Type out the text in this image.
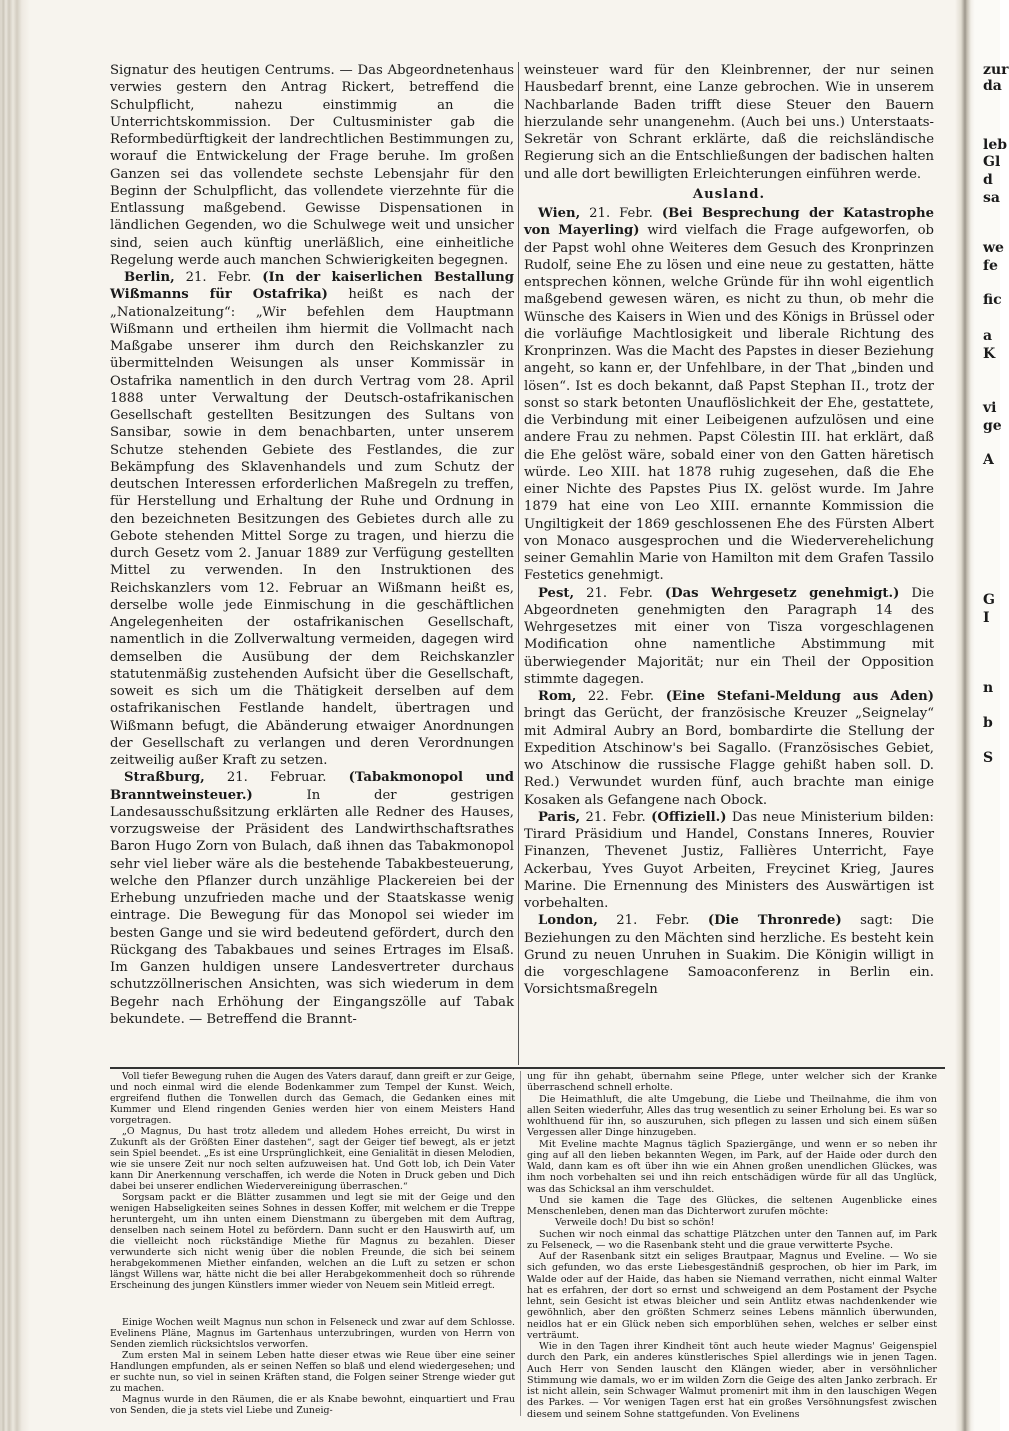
Signatur des heutigen Centrums. — Das Abgeordnetenhaus verwies gestern den Antrag Rickert, betreffend die Schulpflicht, nahezu einstimmig an die Unterrichtskommission. Der Cultusminister gab die Reformbedürftigkeit der landrechtlichen Bestimmungen zu, worauf die Entwickelung der Frage beruhe. Im großen Ganzen sei das vollendete sechste Lebensjahr für den Beginn der Schulpflicht, das vollendete vierzehnte für die Entlassung maßgebend. Gewisse Dispensationen in ländlichen Gegenden, wo die Schulwege weit und unsicher sind, seien auch künftig unerläßlich, eine einheitliche Regelung werde auch manchen Schwierigkeiten begegnen.

Berlin, 21. Febr. (In der kaiserlichen Bestallung Wißmanns für Ostafrika) heißt es nach der „Nationalzeitung“: „Wir befehlen dem Hauptmann Wißmann und ertheilen ihm hiermit die Vollmacht nach Maßgabe unserer ihm durch den Reichskanzler zu übermittelnden Weisungen als unser Kommissär in Ostafrika namentlich in den durch Vertrag vom 28. April 1888 unter Verwaltung der Deutsch-ostafrikanischen Gesellschaft gestellten Besitzungen des Sultans von Sansibar, sowie in dem benachbarten, unter unserem Schutze stehenden Gebiete des Festlandes, die zur Bekämpfung des Sklavenhandels und zum Schutz der deutschen Interessen erforderlichen Maßregeln zu treffen, für Herstellung und Erhaltung der Ruhe und Ordnung in den bezeichneten Besitzungen des Gebietes durch alle zu Gebote stehenden Mittel Sorge zu tragen, und hierzu die durch Gesetz vom 2. Januar 1889 zur Verfügung gestellten Mittel zu verwenden. In den Instruktionen des Reichskanzlers vom 12. Februar an Wißmann heißt es, derselbe wolle jede Einmischung in die geschäftlichen Angelegenheiten der ostafrikanischen Gesellschaft, namentlich in die Zollverwaltung vermeiden, dagegen wird demselben die Ausübung der dem Reichskanzler statutenmäßig zustehenden Aufsicht über die Gesellschaft, soweit es sich um die Thätigkeit derselben auf dem ostafrikanischen Festlande handelt, übertragen und Wißmann befugt, die Abänderung etwaiger Anordnungen der Gesellschaft zu verlangen und deren Verordnungen zeitweilig außer Kraft zu setzen.

Straßburg, 21. Februar. (Tabakmonopol und Branntweinsteuer.)	In der gestrigen Landesausschußsitzung erklärten alle Redner des Hauses, vorzugsweise der Präsident des Landwirthschaftsrathes Baron Hugo Zorn von Bulach, daß ihnen das Tabakmonopol sehr viel lieber wäre als die bestehende Tabakbesteuerung, welche den Pflanzer durch unzählige Plackereien bei der Erhebung unzufrieden mache und der Staatskasse wenig eintrage. Die Bewegung für das Monopol sei wieder im besten Gange und sie wird bedeutend gefördert, durch den Rückgang des Tabakbaues und seines Ertrages im Elsaß. Im Ganzen huldigen unsere Landesvertreter durchaus schutzzöllnerischen Ansichten, was sich wiederum in dem Begehr nach Erhöhung der Eingangszölle auf Tabak bekundete. — Betreffend die Brannt-

weinsteuer ward für den Kleinbrenner, der nur seinen Hausbedarf brennt, eine Lanze gebrochen. Wie in unserem Nachbarlande Baden trifft diese Steuer den Bauern hierzulande sehr unangenehm. (Auch bei uns.) Unterstaats-Sekretär von Schrant erklärte, daß die reichsländische Regierung sich an die Entschließungen der badischen halten und alle dort bewilligten Erleichterungen einführen werde.

Ausland.

Wien, 21. Febr. (Bei Besprechung der Katastrophe von Mayerling) wird vielfach die Frage aufgeworfen, ob der Papst wohl ohne Weiteres dem Gesuch des Kronprinzen Rudolf, seine Ehe zu lösen und eine neue zu gestatten, hätte entsprechen können, welche Gründe für ihn wohl eigentlich maßgebend gewesen wären, es nicht zu thun, ob mehr die Wünsche des Kaisers in Wien und des Königs in Brüssel oder die vorläufige Machtlosigkeit und liberale Richtung des Kronprinzen. Was die Macht des Papstes in dieser Beziehung angeht, so kann er, der Unfehlbare, in der That „binden und lösen“. Ist es doch bekannt, daß Papst Stephan II., trotz der sonst so stark betonten Unauflöslichkeit der Ehe, gestattete, die Verbindung mit einer Leibeigenen aufzulösen und eine andere Frau zu nehmen. Papst Cölestin III. hat erklärt, daß die Ehe gelöst wäre, sobald einer von den Gatten häretisch würde. Leo XIII. hat 1878 ruhig zugesehen, daß die Ehe einer Nichte des Papstes Pius IX. gelöst wurde. Im Jahre 1879 hat eine von Leo XIII. ernannte Kommission die Ungiltigkeit der 1869 geschlossenen Ehe des Fürsten Albert von Monaco ausgesprochen und die Wiederverehelichung seiner Gemahlin Marie von Hamilton mit dem Grafen Tassilo Festetics genehmigt.

Pest, 21. Febr. (Das Wehrgesetz genehmigt.) Die Abgeordneten genehmigten den Paragraph 14 des Wehrgesetzes mit einer von Tisza vorgeschlagenen Modification ohne namentliche Abstimmung mit überwiegender Majorität; nur ein Theil der Opposition stimmte dagegen.

Rom, 22. Febr. (Eine Stefani-Meldung aus Aden) bringt das Gerücht, der französische Kreuzer „Seignelay“ mit Admiral Aubry an Bord, bombardirte die Stellung der Expedition Atschinow's bei Sagallo. (Französisches Gebiet, wo Atschinow die russische Flagge gehißt haben soll. D. Red.) Verwundet wurden fünf, auch brachte man einige Kosaken als Gefangene nach Obock.

Paris, 21. Febr. (Offiziell.) Das neue Ministerium bilden: Tirard Präsidium und Handel, Constans Inneres, Rouvier Finanzen, Thevenet Justiz, Fallières Unterricht, Faye Ackerbau, Yves Guyot Arbeiten, Freycinet Krieg, Jaures Marine. Die Ernennung des Ministers des Auswärtigen ist vorbehalten.

London, 21. Febr. (Die Thronrede) sagt: Die Beziehungen zu den Mächten sind herzliche. Es besteht kein Grund zu neuen Unruhen in Suakim. Die Königin willigt in die vorgeschlagene Samoaconferenz in Berlin ein. Vorsichtsmaßregeln

Voll tiefer Bewegung ruhen die Augen des Vaters darauf, dann greift er zur Geige, und noch einmal wird die elende Bodenkammer zum Tempel der Kunst. Weich, ergreifend fluthen die Tonwellen durch das Gemach, die Gedanken eines mit Kummer und Elend ringenden Genies werden hier von einem Meisters Hand vorgetragen.

„O Magnus, Du hast trotz alledem und alledem Hohes erreicht, Du wirst in Zukunft als der Größten Einer dastehen“, sagt der Geiger tief bewegt, als er jetzt sein Spiel beendet. „Es ist eine Ursprünglichkeit, eine Genialität in diesen Melodien, wie sie unsere Zeit nur noch selten aufzuweisen hat. Und Gott lob, ich Dein Vater kann Dir Anerkennung verschaffen, ich werde die Noten in Druck geben und Dich dabei bei unserer endlichen Wiedervereinigung überraschen.“

Sorgsam packt er die Blätter zusammen und legt sie mit der Geige und den wenigen Habseligkeiten seines Sohnes in dessen Koffer, mit welchem er die Treppe heruntergeht, um ihn unten einem Dienstmann zu übergeben mit dem Auftrag, denselben nach seinem Hotel zu befördern. Dann sucht er den Hauswirth auf, um die vielleicht noch rückständige Miethe für Magnus zu bezahlen. Dieser verwunderte sich nicht wenig über die noblen Freunde, die sich bei seinem herabgekommenen Miether einfanden, welchen an die Luft zu setzen er schon längst Willens war, hätte nicht die bei aller Herabgekommenheit doch so rührende Erscheinung des jungen Künstlers immer wieder von Neuem sein Mitleid erregt.

Einige Wochen weilt Magnus nun schon in Felseneck und zwar auf dem Schlosse. Evelinens Pläne, Magnus im Gartenhaus unterzubringen, wurden von Herrn von Senden ziemlich rücksichtslos verworfen.

Zum ersten Mal in seinem Leben hatte dieser etwas wie Reue über eine seiner Handlungen empfunden, als er seinen Neffen so blaß und elend wiedergesehen; und er suchte nun, so viel in seinen Kräften stand, die Folgen seiner Strenge wieder gut zu machen.

Magnus wurde in den Räumen, die er als Knabe bewohnt, einquartiert und Frau von Senden, die ja stets viel Liebe und Zuneig-

ung für ihn gehabt, übernahm seine Pflege, unter welcher sich der Kranke überraschend schnell erholte.

Die Heimathluft, die alte Umgebung, die Liebe und Theilnahme, die ihm von allen Seiten wiederfuhr, Alles das trug wesentlich zu seiner Erholung bei. Es war so wohlthuend für ihn, so auszuruhen, sich pflegen zu lassen und sich einem süßen Vergessen aller Dinge hinzugeben.

Mit Eveline machte Magnus täglich Spaziergänge, und wenn er so neben ihr ging auf all den lieben bekannten Wegen, im Park, auf der Haide oder durch den Wald, dann kam es oft über ihn wie ein Ahnen großen unendlichen Glückes, was ihm noch vorbehalten sei und ihn reich entschädigen würde für all das Unglück, was das Schicksal an ihm verschuldet.

Und sie kamen die Tage des Glückes, die seltenen Augenblicke eines Menschenleben, denen man das Dichterwort zurufen möchte:

Verweile doch! Du bist so schön!

Suchen wir noch einmal das schattige Plätzchen unter den Tannen auf, im Park zu Felseneck, — wo die Rasenbank steht und die graue verwitterte Psyche.

Auf der Rasenbank sitzt ein seliges Brautpaar, Magnus und Eveline. — Wo sie sich gefunden, wo das erste Liebesgeständniß gesprochen, ob hier im Park, im Walde oder auf der Haide, das haben sie Niemand verrathen, nicht einmal Walter hat es erfahren, der dort so ernst und schweigend an dem Postament der Psyche lehnt, sein Gesicht ist etwas bleicher und sein Antlitz etwas nachdenkender wie gewöhnlich, aber den größten Schmerz seines Lebens männlich überwunden, neidlos hat er ein Glück neben sich emporblühen sehen, welches er selber einst verträumt.

Wie in den Tagen ihrer Kindheit tönt auch heute wieder Magnus' Geigenspiel durch den Park, ein anderes künstlerisches Spiel allerdings wie in jenen Tagen. Auch Herr von Senden lauscht den Klängen wieder, aber in versöhnlicher Stimmung wie damals, wo er im wilden Zorn die Geige des alten Janko zerbrach. Er ist nicht allein, sein Schwager Walmut promenirt mit ihm in den lauschigen Wegen des Parkes. — Vor wenigen Tagen erst hat ein großes Versöhnungsfest zwischen diesem und seinem Sohne stattgefunden. Von Evelinens

zur
da
leb
Gl
d
sa
we
fe
fic
a
K
vi
ge
A
G
I
n
b
S
